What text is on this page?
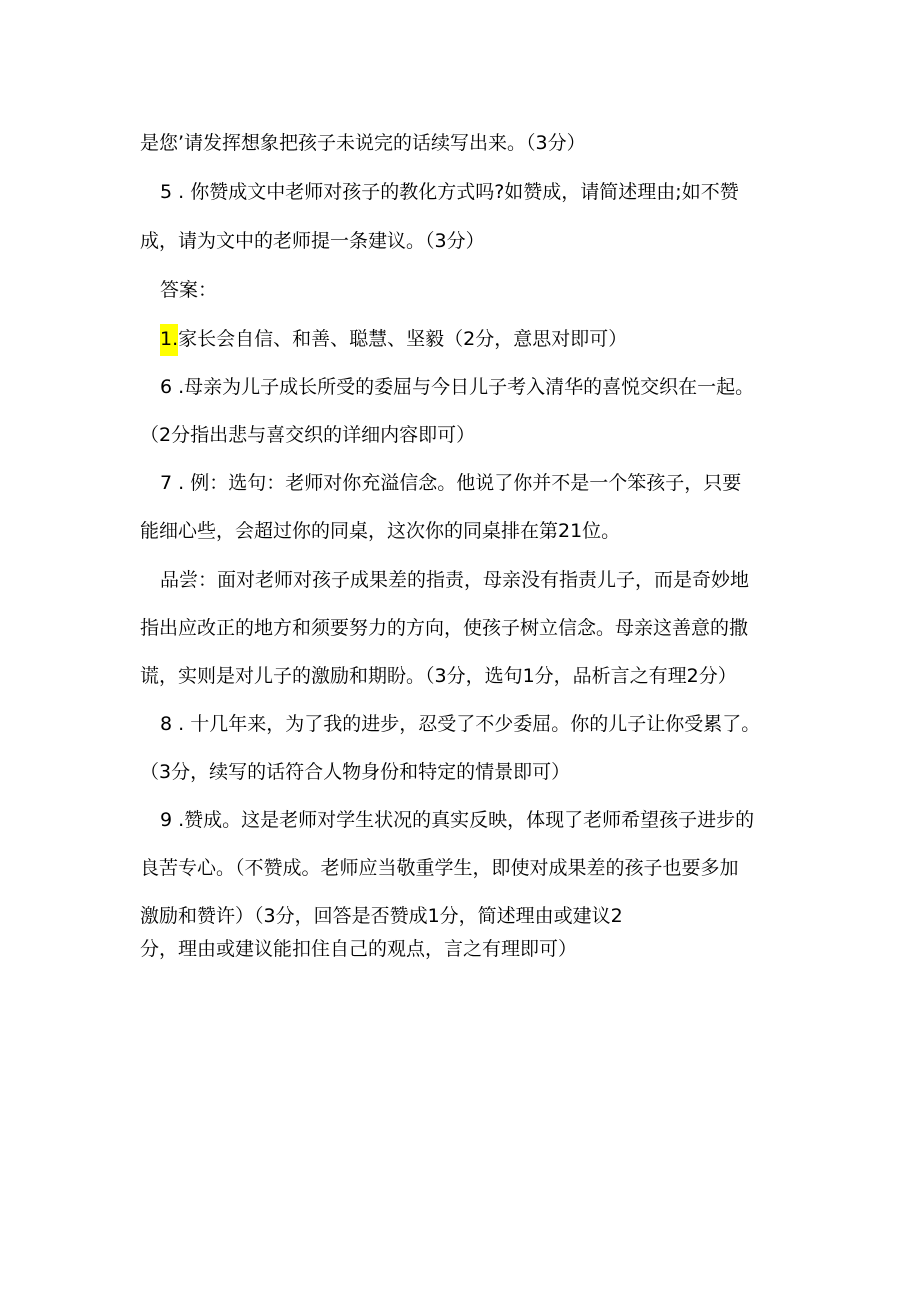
是您’请发挥想象把孩子未说完的话续写出来。（3分）
5 . 你赞成文中老师对孩子的教化方式吗?如赞成，请简述理由;如不赞
成，请为文中的老师提一条建议。（3分）
答案：
1.家长会自信、和善、聪慧、坚毅（2分，意思对即可）
6 .母亲为儿子成长所受的委屈与今日儿子考入清华的喜悦交织在一起。
（2分指出悲与喜交织的详细内容即可）
7 . 例：选句：老师对你充溢信念。他说了你并不是一个笨孩子，只要
能细心些，会超过你的同桌，这次你的同桌排在第21位。
品尝：面对老师对孩子成果差的指责，母亲没有指责儿子，而是奇妙地
指出应改正的地方和须要努力的方向，使孩子树立信念。母亲这善意的撒
谎，实则是对儿子的激励和期盼。（3分，选句1分，品析言之有理2分）
8 . 十几年来，为了我的进步，忍受了不少委屈。你的儿子让你受累了。
（3分，续写的话符合人物身份和特定的情景即可）
9 .赞成。这是老师对学生状况的真实反映，体现了老师希望孩子进步的
良苦专心。（不赞成。老师应当敬重学生，即使对成果差的孩子也要多加
激励和赞许）（3分，回答是否赞成1分，简述理由或建议2
分，理由或建议能扣住自己的观点，言之有理即可）
